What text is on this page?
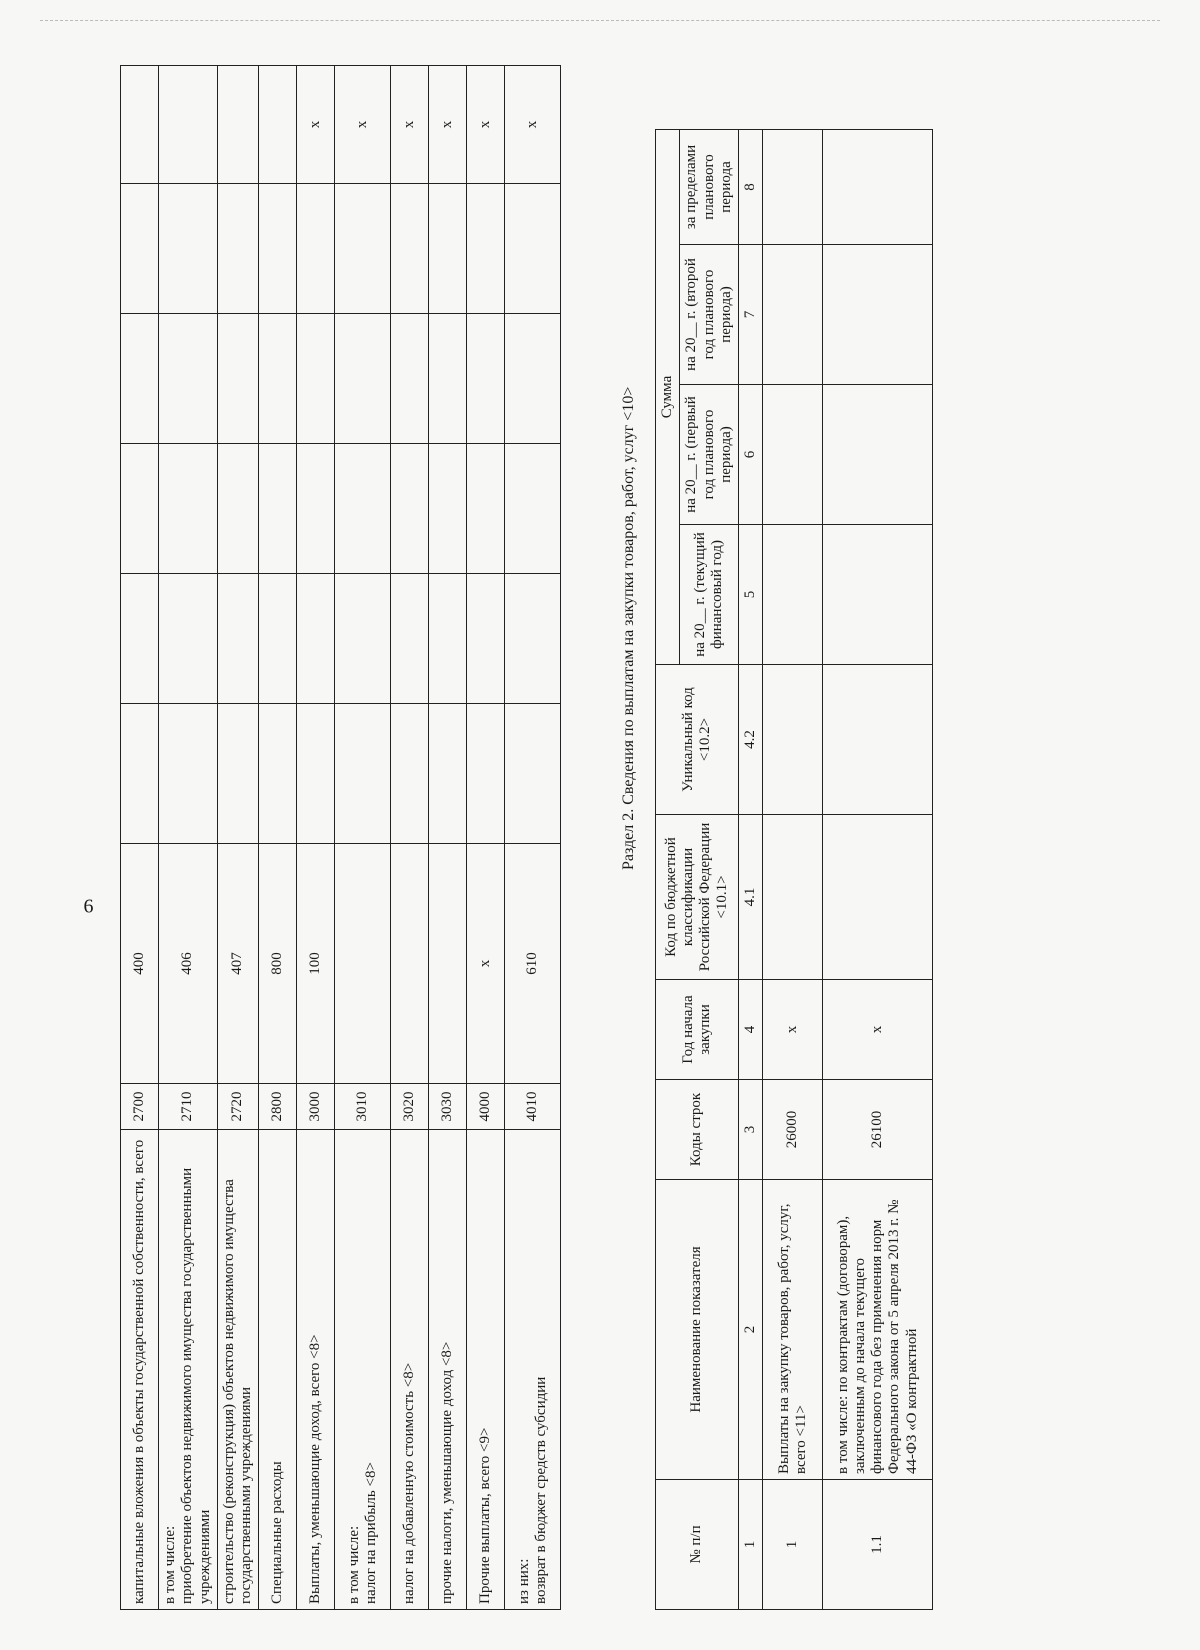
6
капитальные вложения в объекты государственной собственности, всего	2700	400						

в том числе: приобретение объектов недвижимого имущества государственными учреждениями	2710	406						

строительство (реконструкция) объектов недвижимого имущества государственными учреждениями	2720	407						

Специальные расходы	2800	800						

Выплаты, уменьшающие доход, всего <8>	3000	100						x

в том числе: налог на прибыль <8>	3010							x

налог на добавленную стоимость <8>	3020							x

прочие налоги, уменьшающие доход <8>	3030							x

Прочие выплаты, всего <9>	4000	x						x

из них: возврат в бюджет средств субсидии	4010	610						x
Раздел 2. Сведения по выплатам на закупки товаров, работ, услуг <10>
№ п/п	Наименование показателя	Коды строк	Год начала закупки	Код по бюджетной классификации Российской Федерации <10.1>	Уникальный код <10.2>	Сумма			
						на 20__ г. (текущий финансовый год)	на 20__ г. (первый год планового периода)	на 20__ г. (второй год планового периода)	за пределами планового периода
1	2	3	4	4.1	4.2	5	6	7	8
1	Выплаты на закупку товаров, работ, услуг, всего <11>	26000	x						
1.1	в том числе: по контрактам (договорам), заключенным до начала текущего финансового года без применения норм Федерального закона от 5 апреля 2013 г. № 44-ФЗ «О контрактной	26100	x						
